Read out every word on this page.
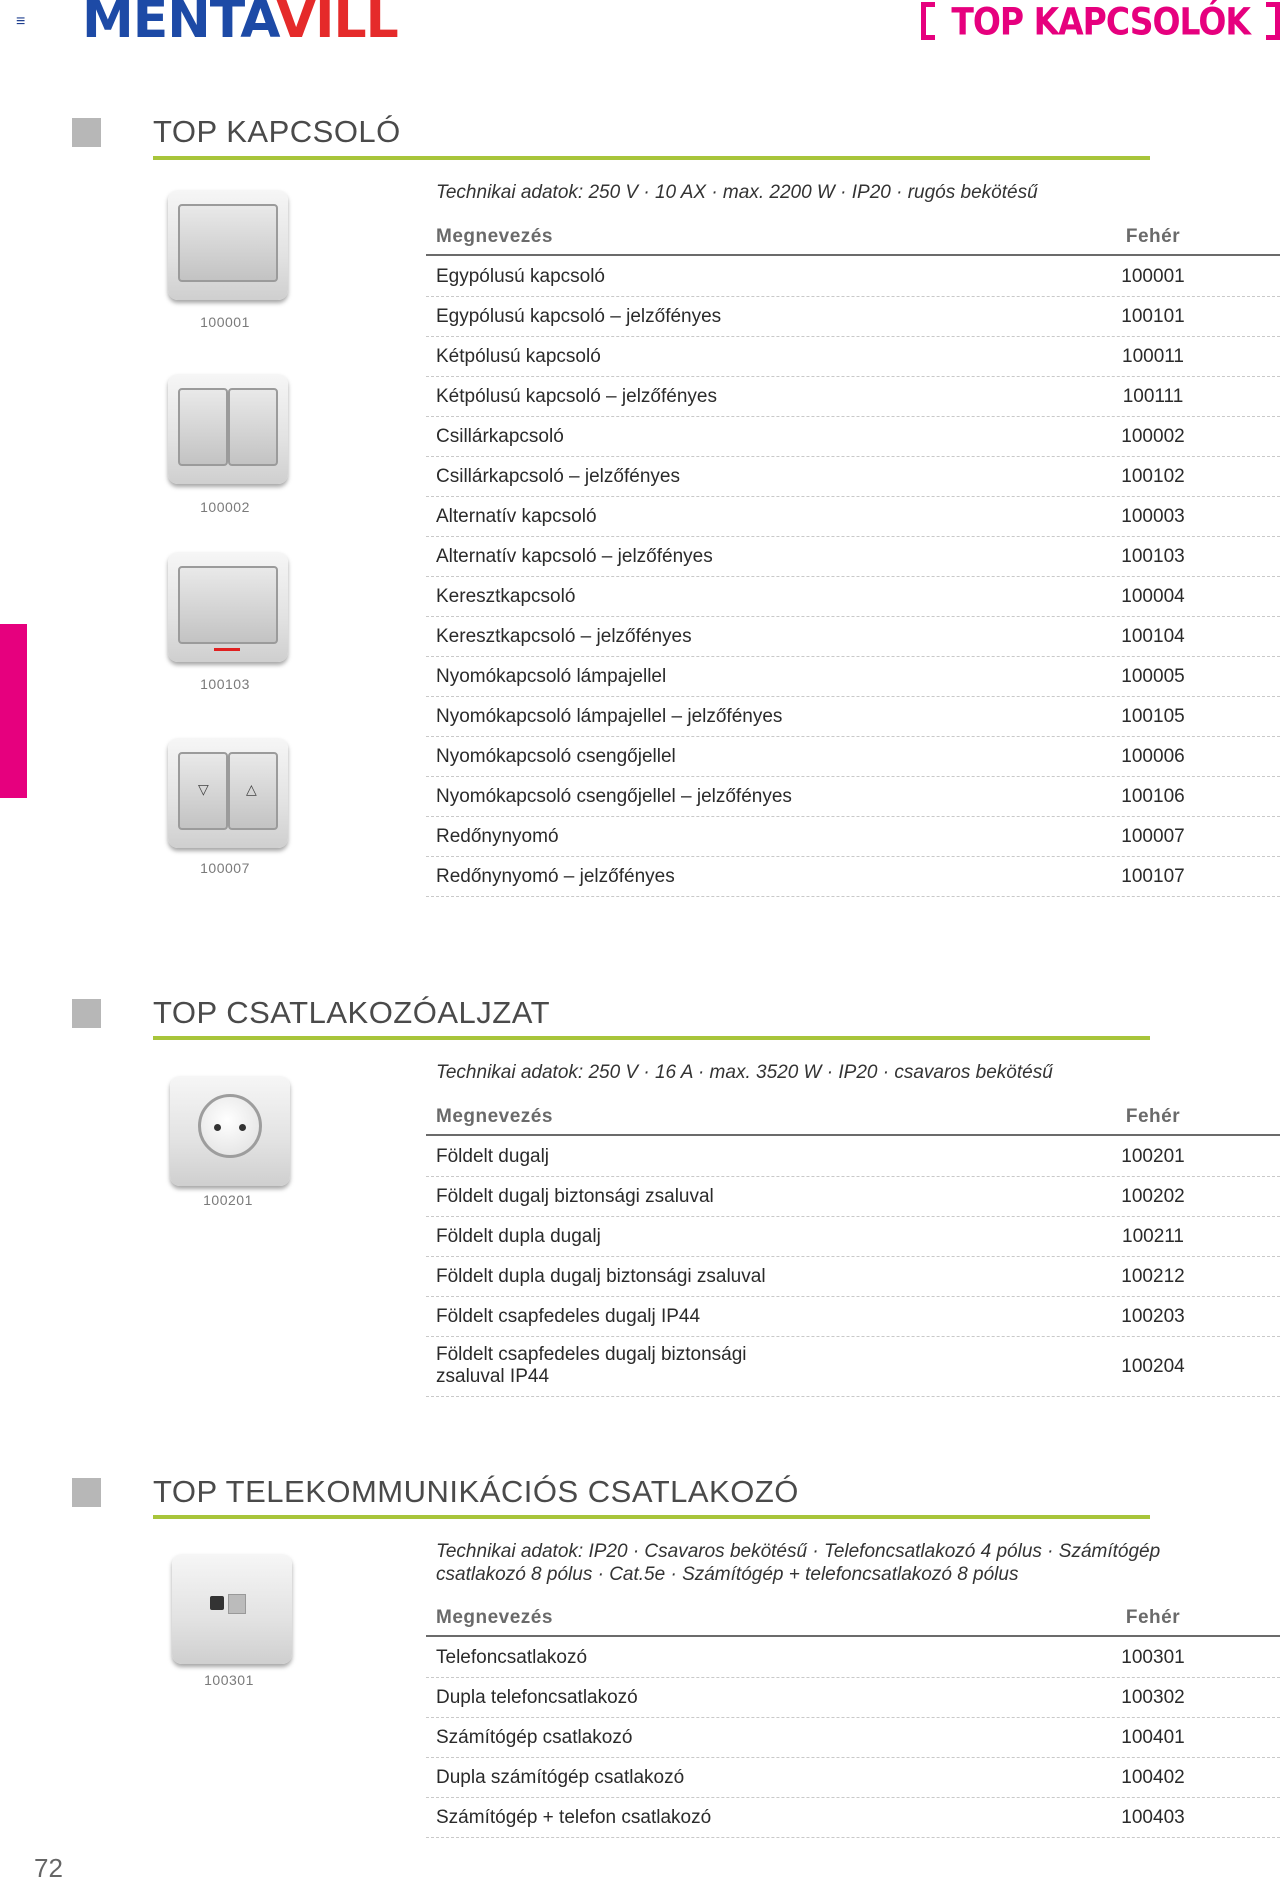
≡ MENTAVILL	TOP KAPCSOLÓK
TOP KAPCSOLÓ
Technikai adatok: 250 V · 10 AX · max. 2200 W · IP20 · rugós bekötésű
Megnevezés	Fehér
Egypólusú kapcsoló	100001
Egypólusú kapcsoló – jelzőfényes	100101
Kétpólusú kapcsoló	100011
Kétpólusú kapcsoló – jelzőfényes	100111
Csillárkapcsoló	100002
Csillárkapcsoló – jelzőfényes	100102
Alternatív kapcsoló	100003
Alternatív kapcsoló – jelzőfényes	100103
Keresztkapcsoló	100004
Keresztkapcsoló – jelzőfényes	100104
Nyomókapcsoló lámpajellel	100005
Nyomókapcsoló lámpajellel – jelzőfényes	100105
Nyomókapcsoló csengőjellel	100006
Nyomókapcsoló csengőjellel – jelzőfényes	100106
Redőnynyomó	100007
Redőnynyomó – jelzőfényes	100107
100001
100002
100103
▽	△
100007
TOP CSATLAKOZÓALJZAT
Technikai adatok: 250 V · 16 A · max. 3520 W · IP20 · csavaros bekötésű
Megnevezés	Fehér
Földelt dugalj	100201
Földelt dugalj biztonsági zsaluval	100202
Földelt dupla dugalj	100211
Földelt dupla dugalj biztonsági zsaluval	100212
Földelt csapfedeles dugalj IP44	100203
Földelt csapfedeles dugalj biztonsági
zsaluval IP44	100204
100201
TOP TELEKOMMUNIKÁCIÓS CSATLAKOZÓ
Technikai adatok: IP20 · Csavaros bekötésű · Telefoncsatlakozó 4 pólus · Számítógép
csatlakozó 8 pólus · Cat.5e · Számítógép + telefoncsatlakozó 8 pólus
Megnevezés	Fehér
Telefoncsatlakozó	100301
Dupla telefoncsatlakozó	100302
Számítógép csatlakozó	100401
Dupla számítógép csatlakozó	100402
Számítógép + telefon csatlakozó	100403
100301
72
